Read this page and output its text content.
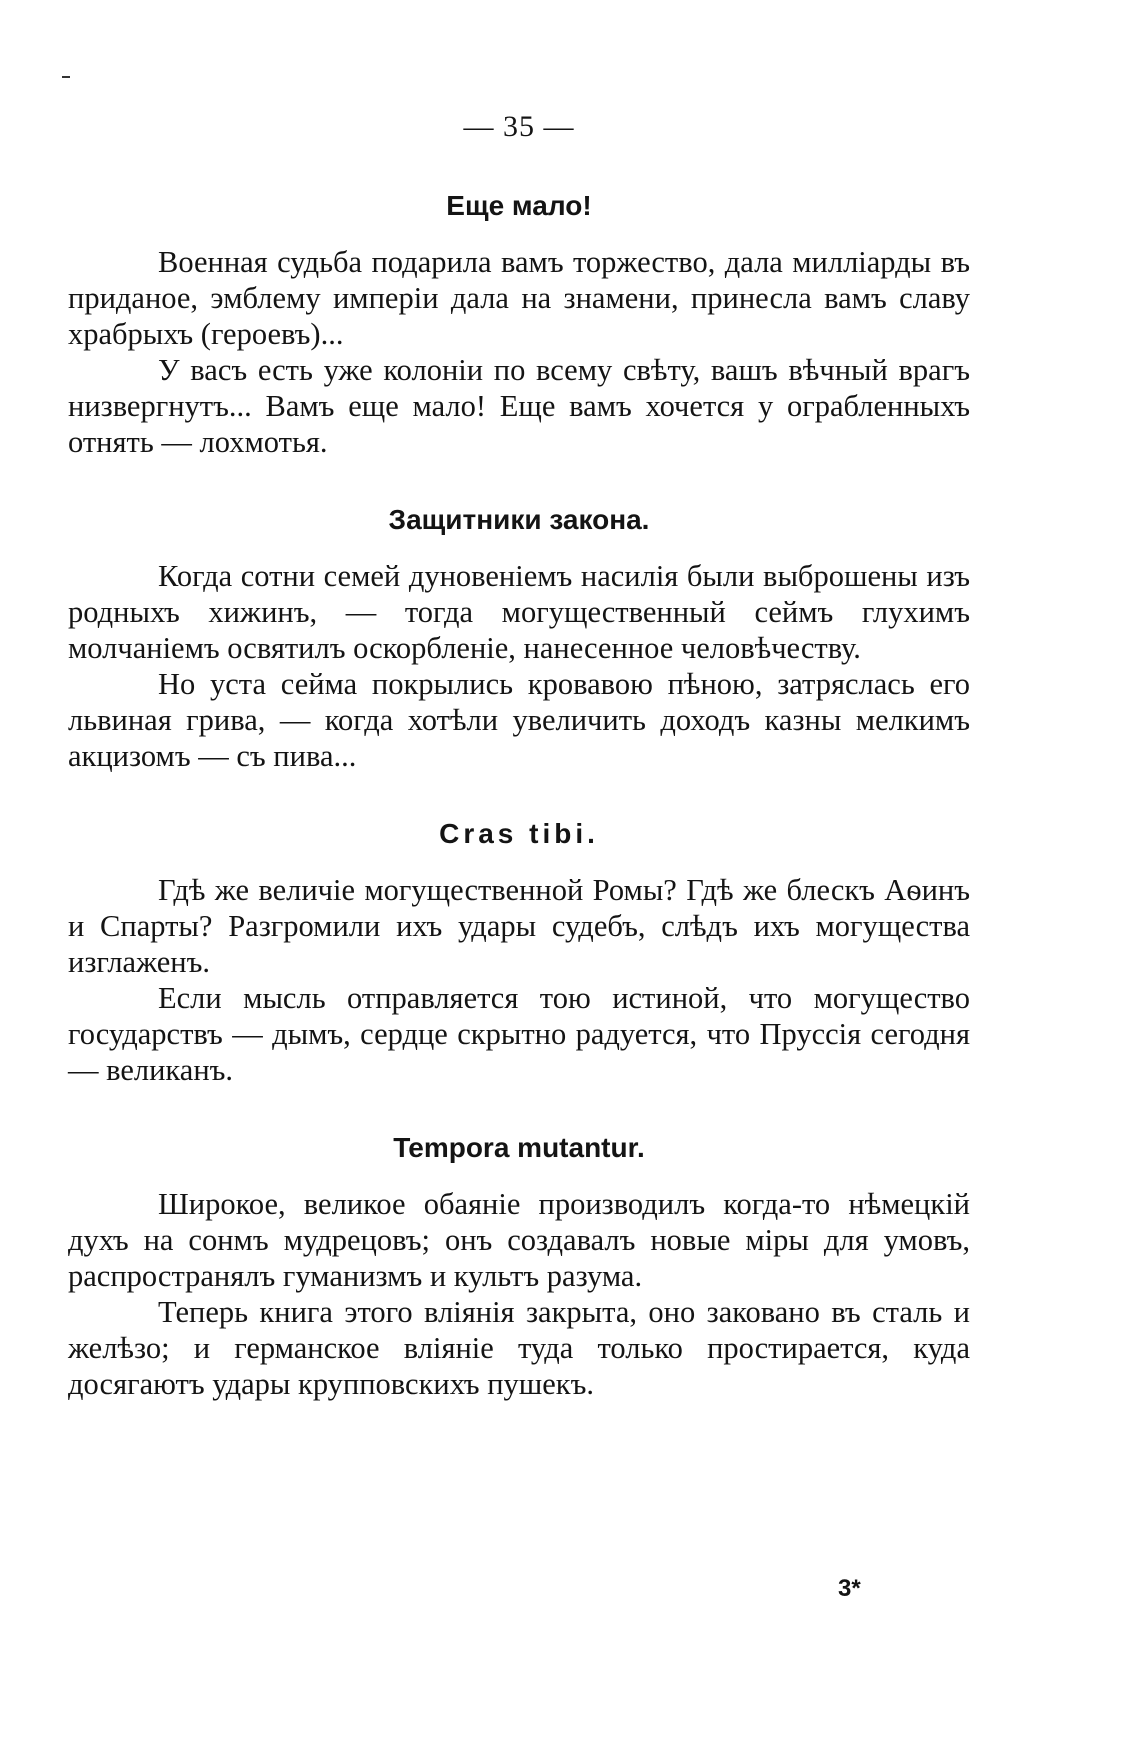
— 35 —
Еще мало!

Военная судьба подарила вамъ торжество, дала милліарды въ приданое, эмблему имперіи дала на знамени, принесла вамъ славу храбрыхъ (героевъ)...

У васъ есть уже колоніи по всему свѣту, вашъ вѣчный врагъ низвергнутъ... Вамъ еще мало! Еще вамъ хочется у ограбленныхъ отнять — лохмотья.

Защитники закона.

Когда сотни семей дуновеніемъ насилія были выброшены изъ родныхъ хижинъ, — тогда могущественный сеймъ глухимъ молчаніемъ освятилъ оскорбленіе, нанесенное человѣчеству.

Но уста сейма покрылись кровавою пѣною, затряслась его львиная грива, — когда хотѣли увеличить доходъ казны мелкимъ акцизомъ — съ пива...

Cras tibi.

Гдѣ же величіе могущественной Ромы? Гдѣ же блескъ Аѳинъ и Спарты? Разгромили ихъ удары судебъ, слѣдъ ихъ могущества изглаженъ.

Если мысль отправляется тою истиной, что могущество государствъ — дымъ, сердце скрытно радуется, что Пруссія сегодня — великанъ.

Tempora mutantur.

Широкое, великое обаяніе производилъ когда-то нѣмецкій духъ на сонмъ мудрецовъ; онъ создавалъ новые міры для умовъ, распространялъ гуманизмъ и культъ разума.

Теперь книга этого вліянія закрыта, оно заковано въ сталь и желѣзо; и германское вліяніе туда только простирается, куда досягаютъ удары крупповскихъ пушекъ.

3*
